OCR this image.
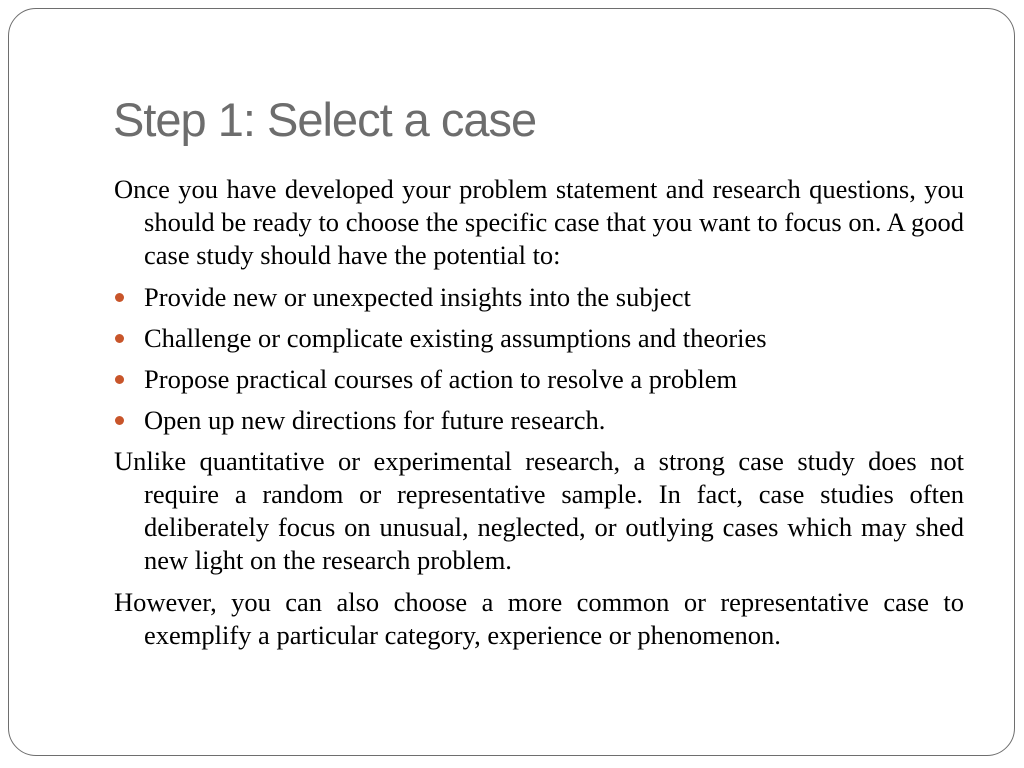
Step 1: Select a case

Once you have developed your problem statement and research questions, you should be ready to choose the specific case that you want to focus on. A good case study should have the potential to:

Provide new or unexpected insights into the subject
Challenge or complicate existing assumptions and theories
Propose practical courses of action to resolve a problem
Open up new directions for future research.

Unlike quantitative or experimental research, a strong case study does not require a random or representative sample. In fact, case studies often deliberately focus on unusual, neglected, or outlying cases which may shed new light on the research problem.

However, you can also choose a more common or representative case to exemplify a particular category, experience or phenomenon.
